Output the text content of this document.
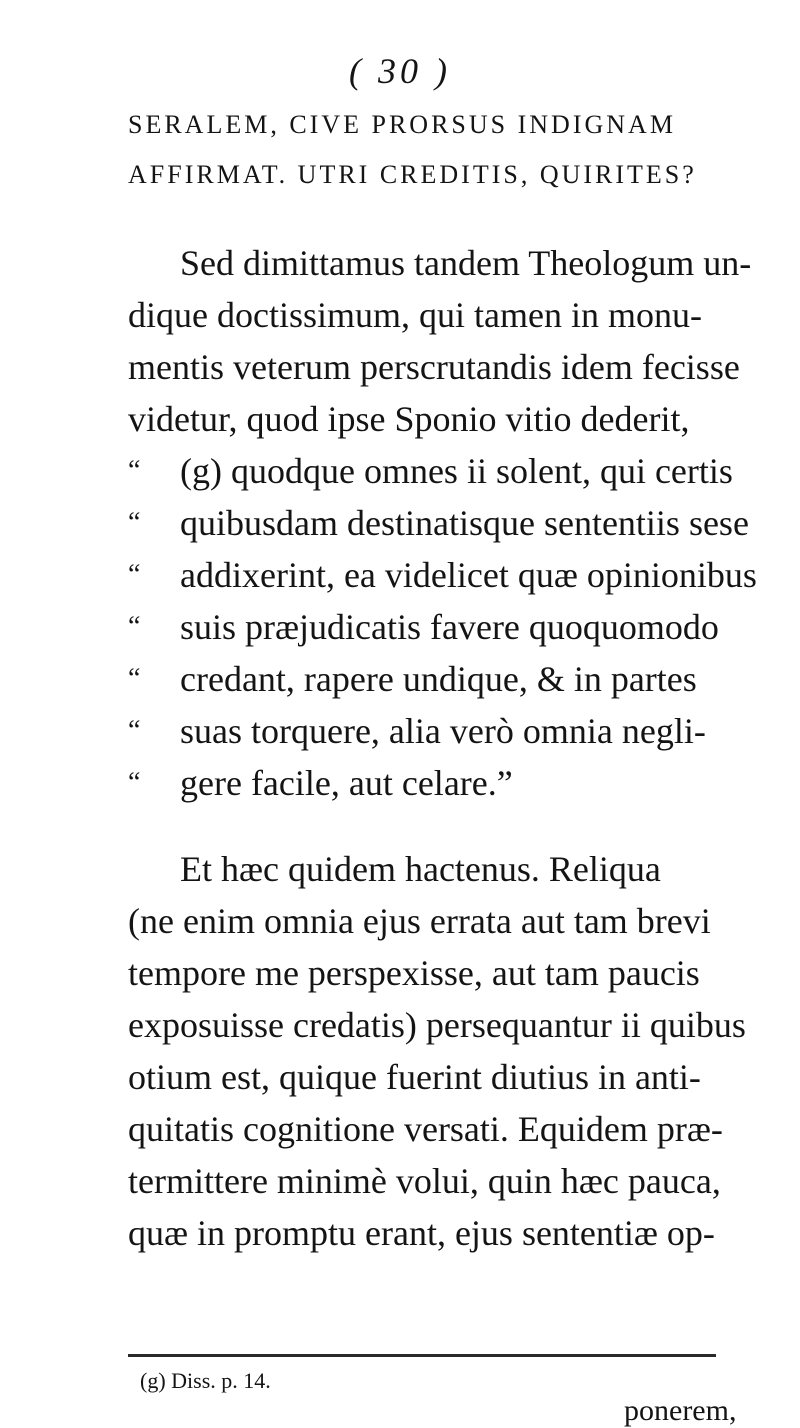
( 30 )
SERALEM, CIVE PRORSUS INDIGNAM
AFFIRMAT. UTRI CREDITIS, QUIRITES?
Sed dimittamus tandem Theologum un-
dique doctissimum, qui tamen in monu-
mentis veterum perscrutandis idem fecisse
videtur, quod ipse Sponio vitio dederit,
“ (g) quodque omnes ii solent, qui certis
“ quibusdam destinatisque sententiis sese
“ addixerint, ea videlicet quæ opinionibus
“ suis præjudicatis favere quoquomodo
“ credant, rapere undique, & in partes
“ suas torquere, alia verò omnia negli-
“ gere facile, aut celare.”
Et hæc quidem hactenus. Reliqua
(ne enim omnia ejus errata aut tam brevi
tempore me perspexisse, aut tam paucis
exposuisse credatis) persequantur ii quibus
otium est, quique fuerint diutius in anti-
quitatis cognitione versati. Equidem præ-
termittere minimè volui, quin hæc pauca,
quæ in promptu erant, ejus sententiæ op-
(g) Diss. p. 14.
ponerem,
